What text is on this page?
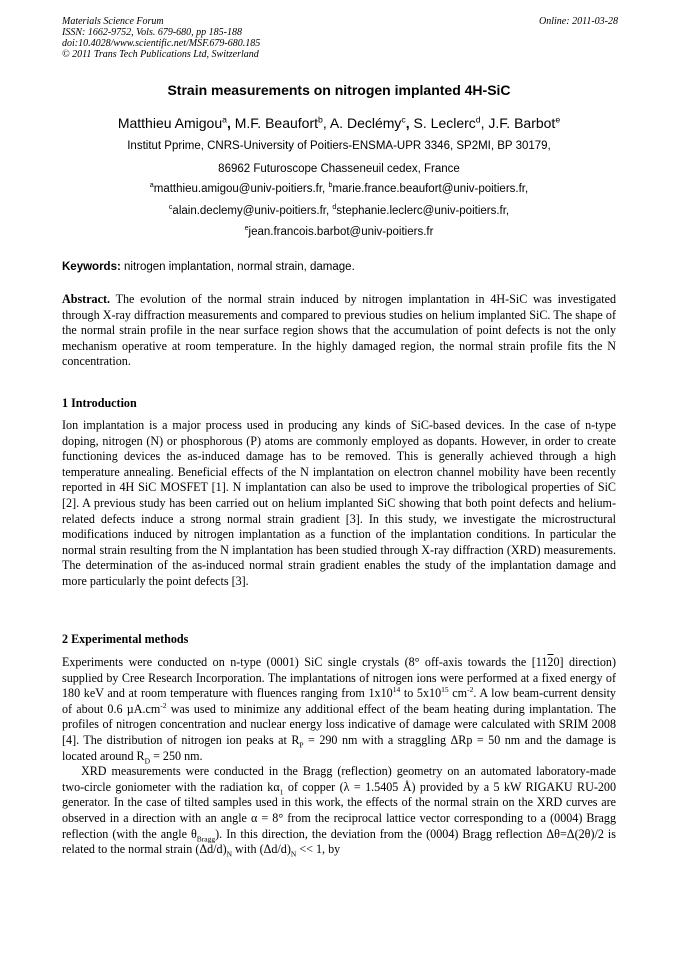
Materials Science Forum
ISSN: 1662-9752, Vols. 679-680, pp 185-188
doi:10.4028/www.scientific.net/MSF.679-680.185
© 2011 Trans Tech Publications Ltd, Switzerland
Online: 2011-03-28
Strain measurements on nitrogen implanted 4H-SiC
Matthieu Amigou$^a$, M.F. Beaufort$^b$, A. Declémy$^c$, S. Leclerc$^d$, J.F. Barbot$^e$
Institut Pprime, CNRS-University of Poitiers-ENSMA-UPR 3346, SP2MI, BP 30179,
86962 Futuroscope Chasseneuil cedex, France
$^a$matthieu.amigou@univ-poitiers.fr, $^b$marie.france.beaufort@univ-poitiers.fr,
$^c$alain.declemy@univ-poitiers.fr, $^d$stephanie.leclerc@univ-poitiers.fr,
$^e$jean.francois.barbot@univ-poitiers.fr
Keywords: nitrogen implantation, normal strain, damage.

Abstract. The evolution of the normal strain induced by nitrogen implantation in 4H-SiC was investigated through X-ray diffraction measurements and compared to previous studies on helium implanted SiC. The shape of the normal strain profile in the near surface region shows that the accumulation of point defects is not the only mechanism operative at room temperature. In the highly damaged region, the normal strain profile fits the N concentration.

1 Introduction

Ion implantation is a major process used in producing any kinds of SiC-based devices. In the case of n-type doping, nitrogen (N) or phosphorous (P) atoms are commonly employed as dopants. However, in order to create functioning devices the as-induced damage has to be removed. This is generally achieved through a high temperature annealing. Beneficial effects of the N implantation on electron channel mobility have been recently reported in 4H SiC MOSFET [1]. N implantation can also be used to improve the tribological properties of SiC [2]. A previous study has been carried out on helium implanted SiC showing that both point defects and helium-related defects induce a strong normal strain gradient [3]. In this study, we investigate the microstructural modifications induced by nitrogen implantation as a function of the implantation conditions. In particular the normal strain resulting from the N implantation has been studied through X-ray diffraction (XRD) measurements. The determination of the as-induced normal strain gradient enables the study of the implantation damage and more particularly the point defects [3].

2 Experimental methods

Experiments were conducted on n-type (0001) SiC single crystals (8° off-axis towards the [1120] direction) supplied by Cree Research Incorporation. The implantations of nitrogen ions were performed at a fixed energy of 180 keV and at room temperature with fluences ranging from $1x10^{14}$ to $5x10^{15}$ $cm^{-2}$. A low beam-current density of about 0.6 $\mu A.cm^{-2}$ was used to minimize any additional effect of the beam heating during implantation. The profiles of nitrogen concentration and nuclear energy loss indicative of damage were calculated with SRIM 2008 [4]. The distribution of nitrogen ion peaks at $R_P = 290$ nm with a straggling ΔRp = 50 nm and the damage is located around $R_D = 250$ nm.

XRD measurements were conducted in the Bragg (reflection) geometry on an automated laboratory-made two-circle goniometer with the radiation $k\alpha_1$ of copper (λ = 1.5405 Å) provided by a 5 kW RIGAKU RU-200 generator. In the case of tilted samples used in this work, the effects of the normal strain on the XRD curves are observed in a direction with an angle α = 8° from the reciprocal lattice vector corresponding to a (0004) Bragg reflection (with the angle $\theta_{Bragg}$). In this direction, the deviation from the (0004) Bragg reflection Δθ=Δ(2θ)/2 is related to the normal strain $(\Delta d/d)_N$ with $(\Delta d/d)_N << 1$, by
